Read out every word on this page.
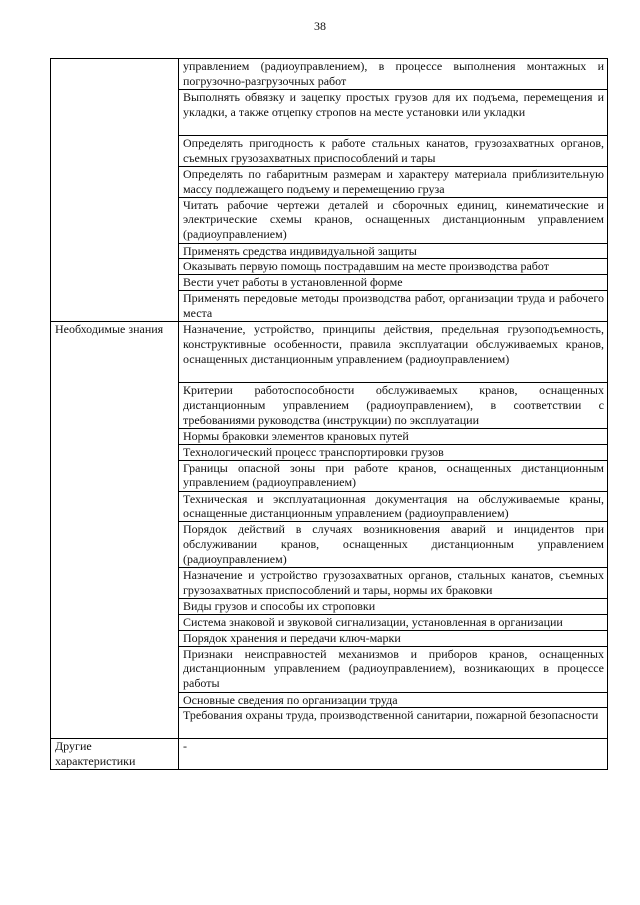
38
	управлением (радиоуправлением), в процессе выполнения монтажных и погрузочно-разгрузочных работ
	Выполнять обвязку и зацепку простых грузов для их подъема, перемещения и укладки, а также отцепку стропов на месте установки или укладки
	Определять пригодность к работе стальных канатов, грузозахватных органов, съемных грузозахватных приспособлений и тары
	Определять по габаритным размерам и характеру материала приблизительную массу подлежащего подъему и перемещению груза
	Читать рабочие чертежи деталей и сборочных единиц, кинематические и электрические схемы кранов, оснащенных дистанционным управлением (радиоуправлением)
	Применять средства индивидуальной защиты
	Оказывать первую помощь пострадавшим на месте производства работ
	Вести учет работы в установленной форме
	Применять передовые методы производства работ, организации труда и рабочего места
Необходимые знания	Назначение, устройство, принципы действия, предельная грузоподъемность, конструктивные особенности, правила эксплуатации обслуживаемых кранов, оснащенных дистанционным управлением (радиоуправлением)
	Критерии работоспособности обслуживаемых кранов, оснащенных дистанционным управлением (радиоуправлением), в соответствии с требованиями руководства (инструкции) по эксплуатации
	Нормы браковки элементов крановых путей
	Технологический процесс транспортировки грузов
	Границы опасной зоны при работе кранов, оснащенных дистанционным управлением (радиоуправлением)
	Техническая и эксплуатационная документация на обслуживаемые краны, оснащенные дистанционным управлением (радиоуправлением)
	Порядок действий в случаях возникновения аварий и инцидентов при обслуживании кранов, оснащенных дистанционным управлением (радиоуправлением)
	Назначение и устройство грузозахватных органов, стальных канатов, съемных грузозахватных приспособлений и тары, нормы их браковки
	Виды грузов и способы их строповки
	Система знаковой и звуковой сигнализации, установленная в организации
	Порядок хранения и передачи ключ-марки
	Признаки неисправностей механизмов и приборов кранов, оснащенных дистанционным управлением (радиоуправлением), возникающих в процессе работы
	Основные сведения по организации труда
	Требования охраны труда, производственной санитарии, пожарной безопасности
Другие характеристики	-
